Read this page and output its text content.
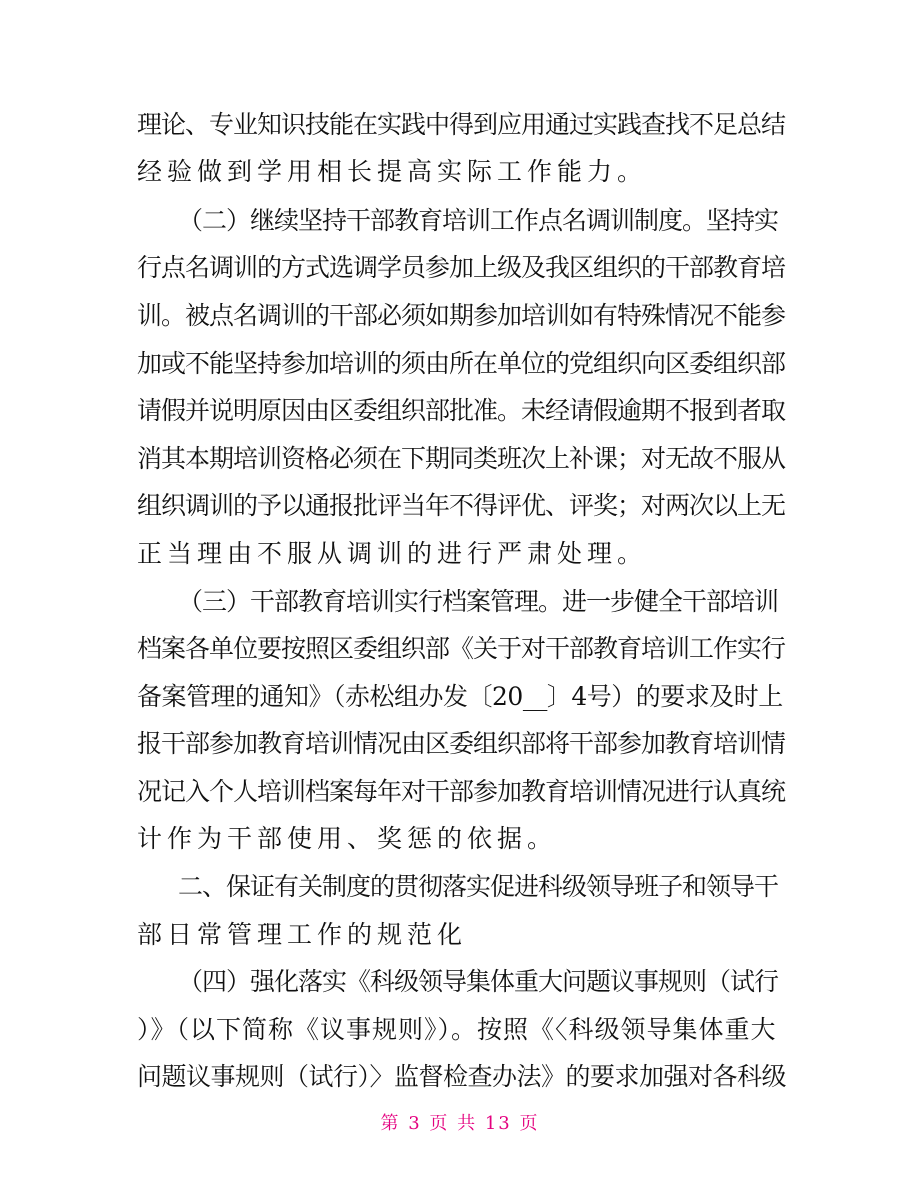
理论、专业知识技能在实践中得到应用通过实践查找不足总结
经验做到学用相长提高实际工作能力。
（二）继续坚持干部教育培训工作点名调训制度。坚持实
行点名调训的方式选调学员参加上级及我区组织的干部教育培
训。被点名调训的干部必须如期参加培训如有特殊情况不能参
加或不能坚持参加培训的须由所在单位的党组织向区委组织部
请假并说明原因由区委组织部批准。未经请假逾期不报到者取
消其本期培训资格必须在下期同类班次上补课；对无故不服从
组织调训的予以通报批评当年不得评优、评奖；对两次以上无
正当理由不服从调训的进行严肃处理。
（三）干部教育培训实行档案管理。进一步健全干部培训
档案各单位要按照区委组织部《关于对干部教育培训工作实行
备案管理的通知》（赤松组办发〔20__〕4号）的要求及时上
报干部参加教育培训情况由区委组织部将干部参加教育培训情
况记入个人培训档案每年对干部参加教育培训情况进行认真统
计作为干部使用、奖惩的依据。
二、保证有关制度的贯彻落实促进科级领导班子和领导干
部日常管理工作的规范化
（四）强化落实《科级领导集体重大问题议事规则（试行
）》（以下简称《议事规则》）。按照《〈科级领导集体重大
问题议事规则（试行）〉监督检查办法》的要求加强对各科级
第 3 页 共 13 页
